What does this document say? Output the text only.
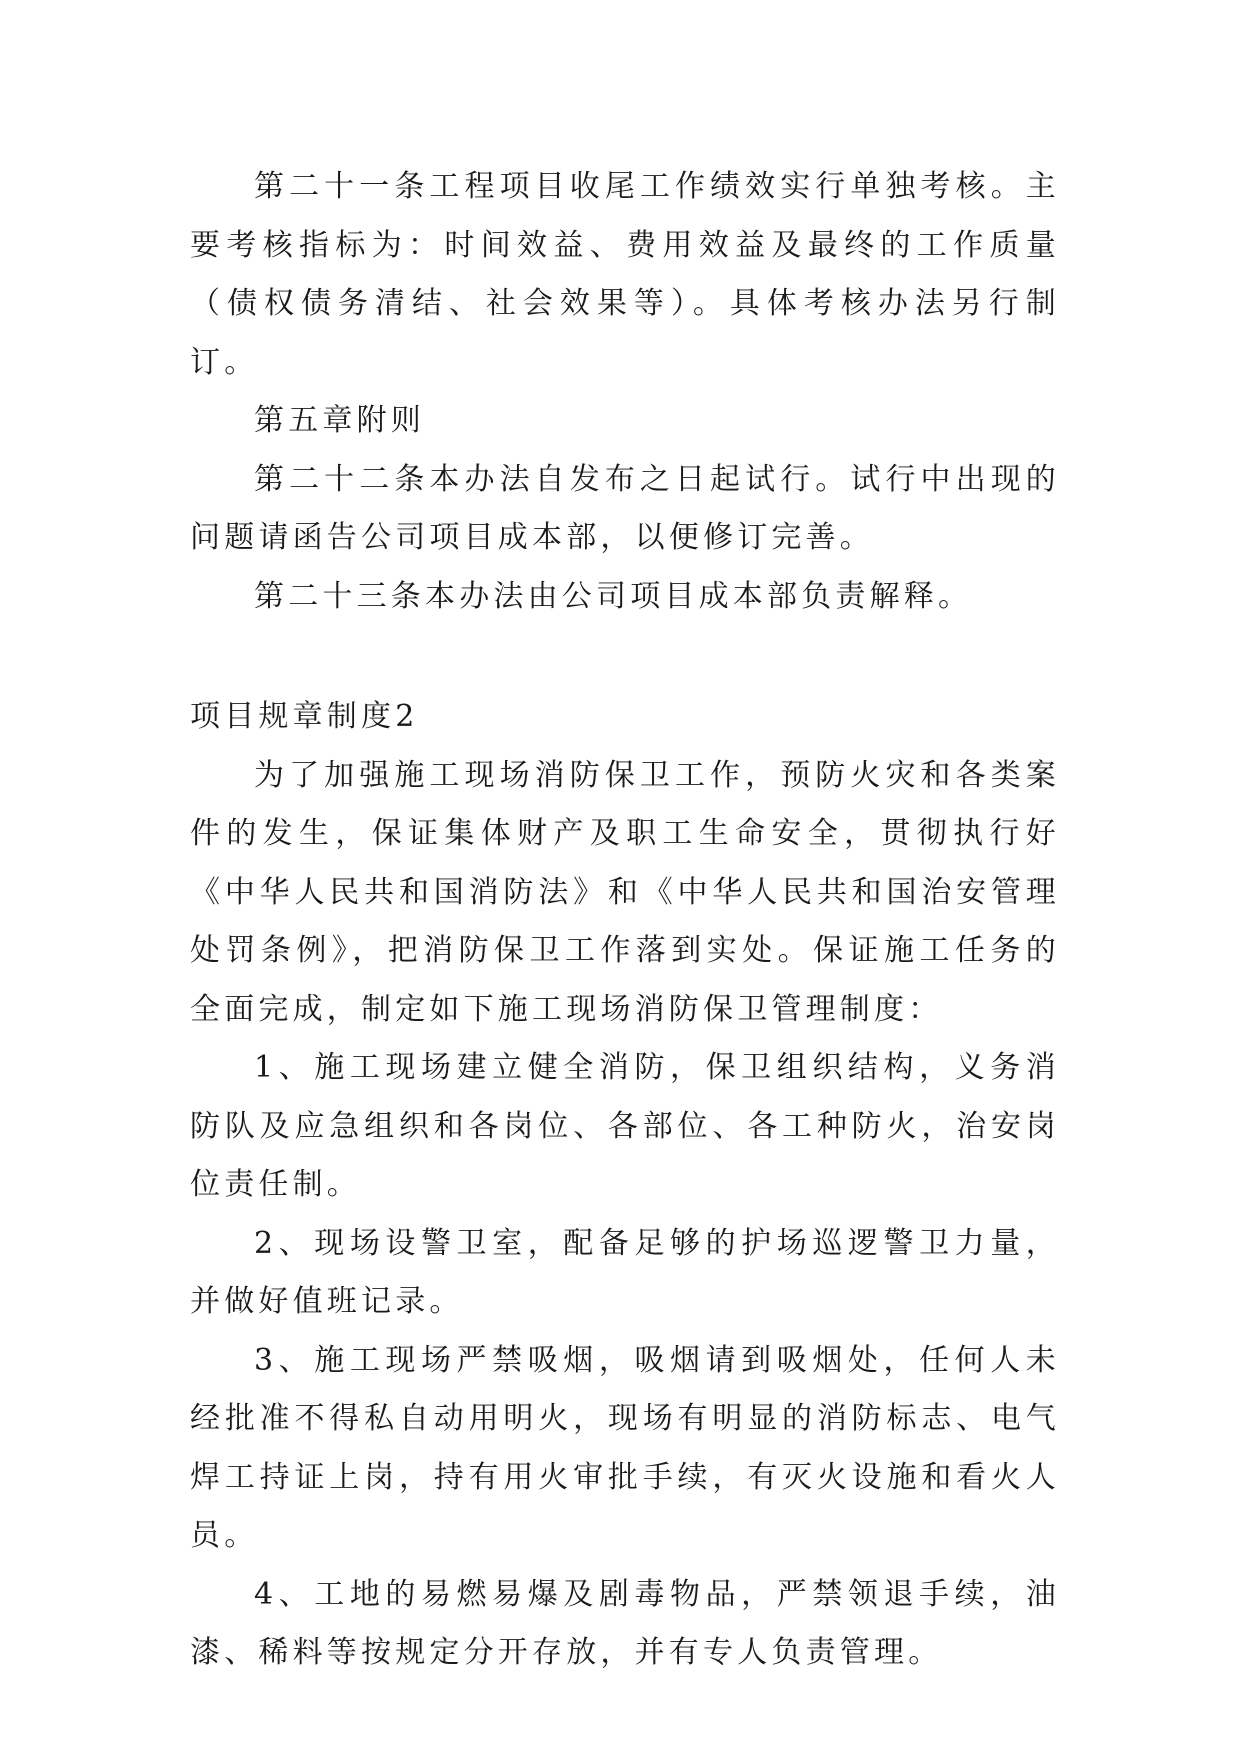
第二十一条工程项目收尾工作绩效实行单独考核。主要考核指标为：时间效益、费用效益及最终的工作质量（债权债务清结、社会效果等）。具体考核办法另行制订。

第五章附则

第二十二条本办法自发布之日起试行。试行中出现的问题请函告公司项目成本部，以便修订完善。

第二十三条本办法由公司项目成本部负责解释。

项目规章制度2

为了加强施工现场消防保卫工作，预防火灾和各类案件的发生，保证集体财产及职工生命安全，贯彻执行好《中华人民共和国消防法》和《中华人民共和国治安管理处罚条例》，把消防保卫工作落到实处。保证施工任务的全面完成，制定如下施工现场消防保卫管理制度：

1、施工现场建立健全消防，保卫组织结构，义务消防队及应急组织和各岗位、各部位、各工种防火，治安岗位责任制。

2、现场设警卫室，配备足够的护场巡逻警卫力量，并做好值班记录。

3、施工现场严禁吸烟，吸烟请到吸烟处，任何人未经批准不得私自动用明火，现场有明显的消防标志、电气焊工持证上岗，持有用火审批手续，有灭火设施和看火人员。

4、工地的易燃易爆及剧毒物品，严禁领退手续，油漆、稀料等按规定分开存放，并有专人负责管理。
